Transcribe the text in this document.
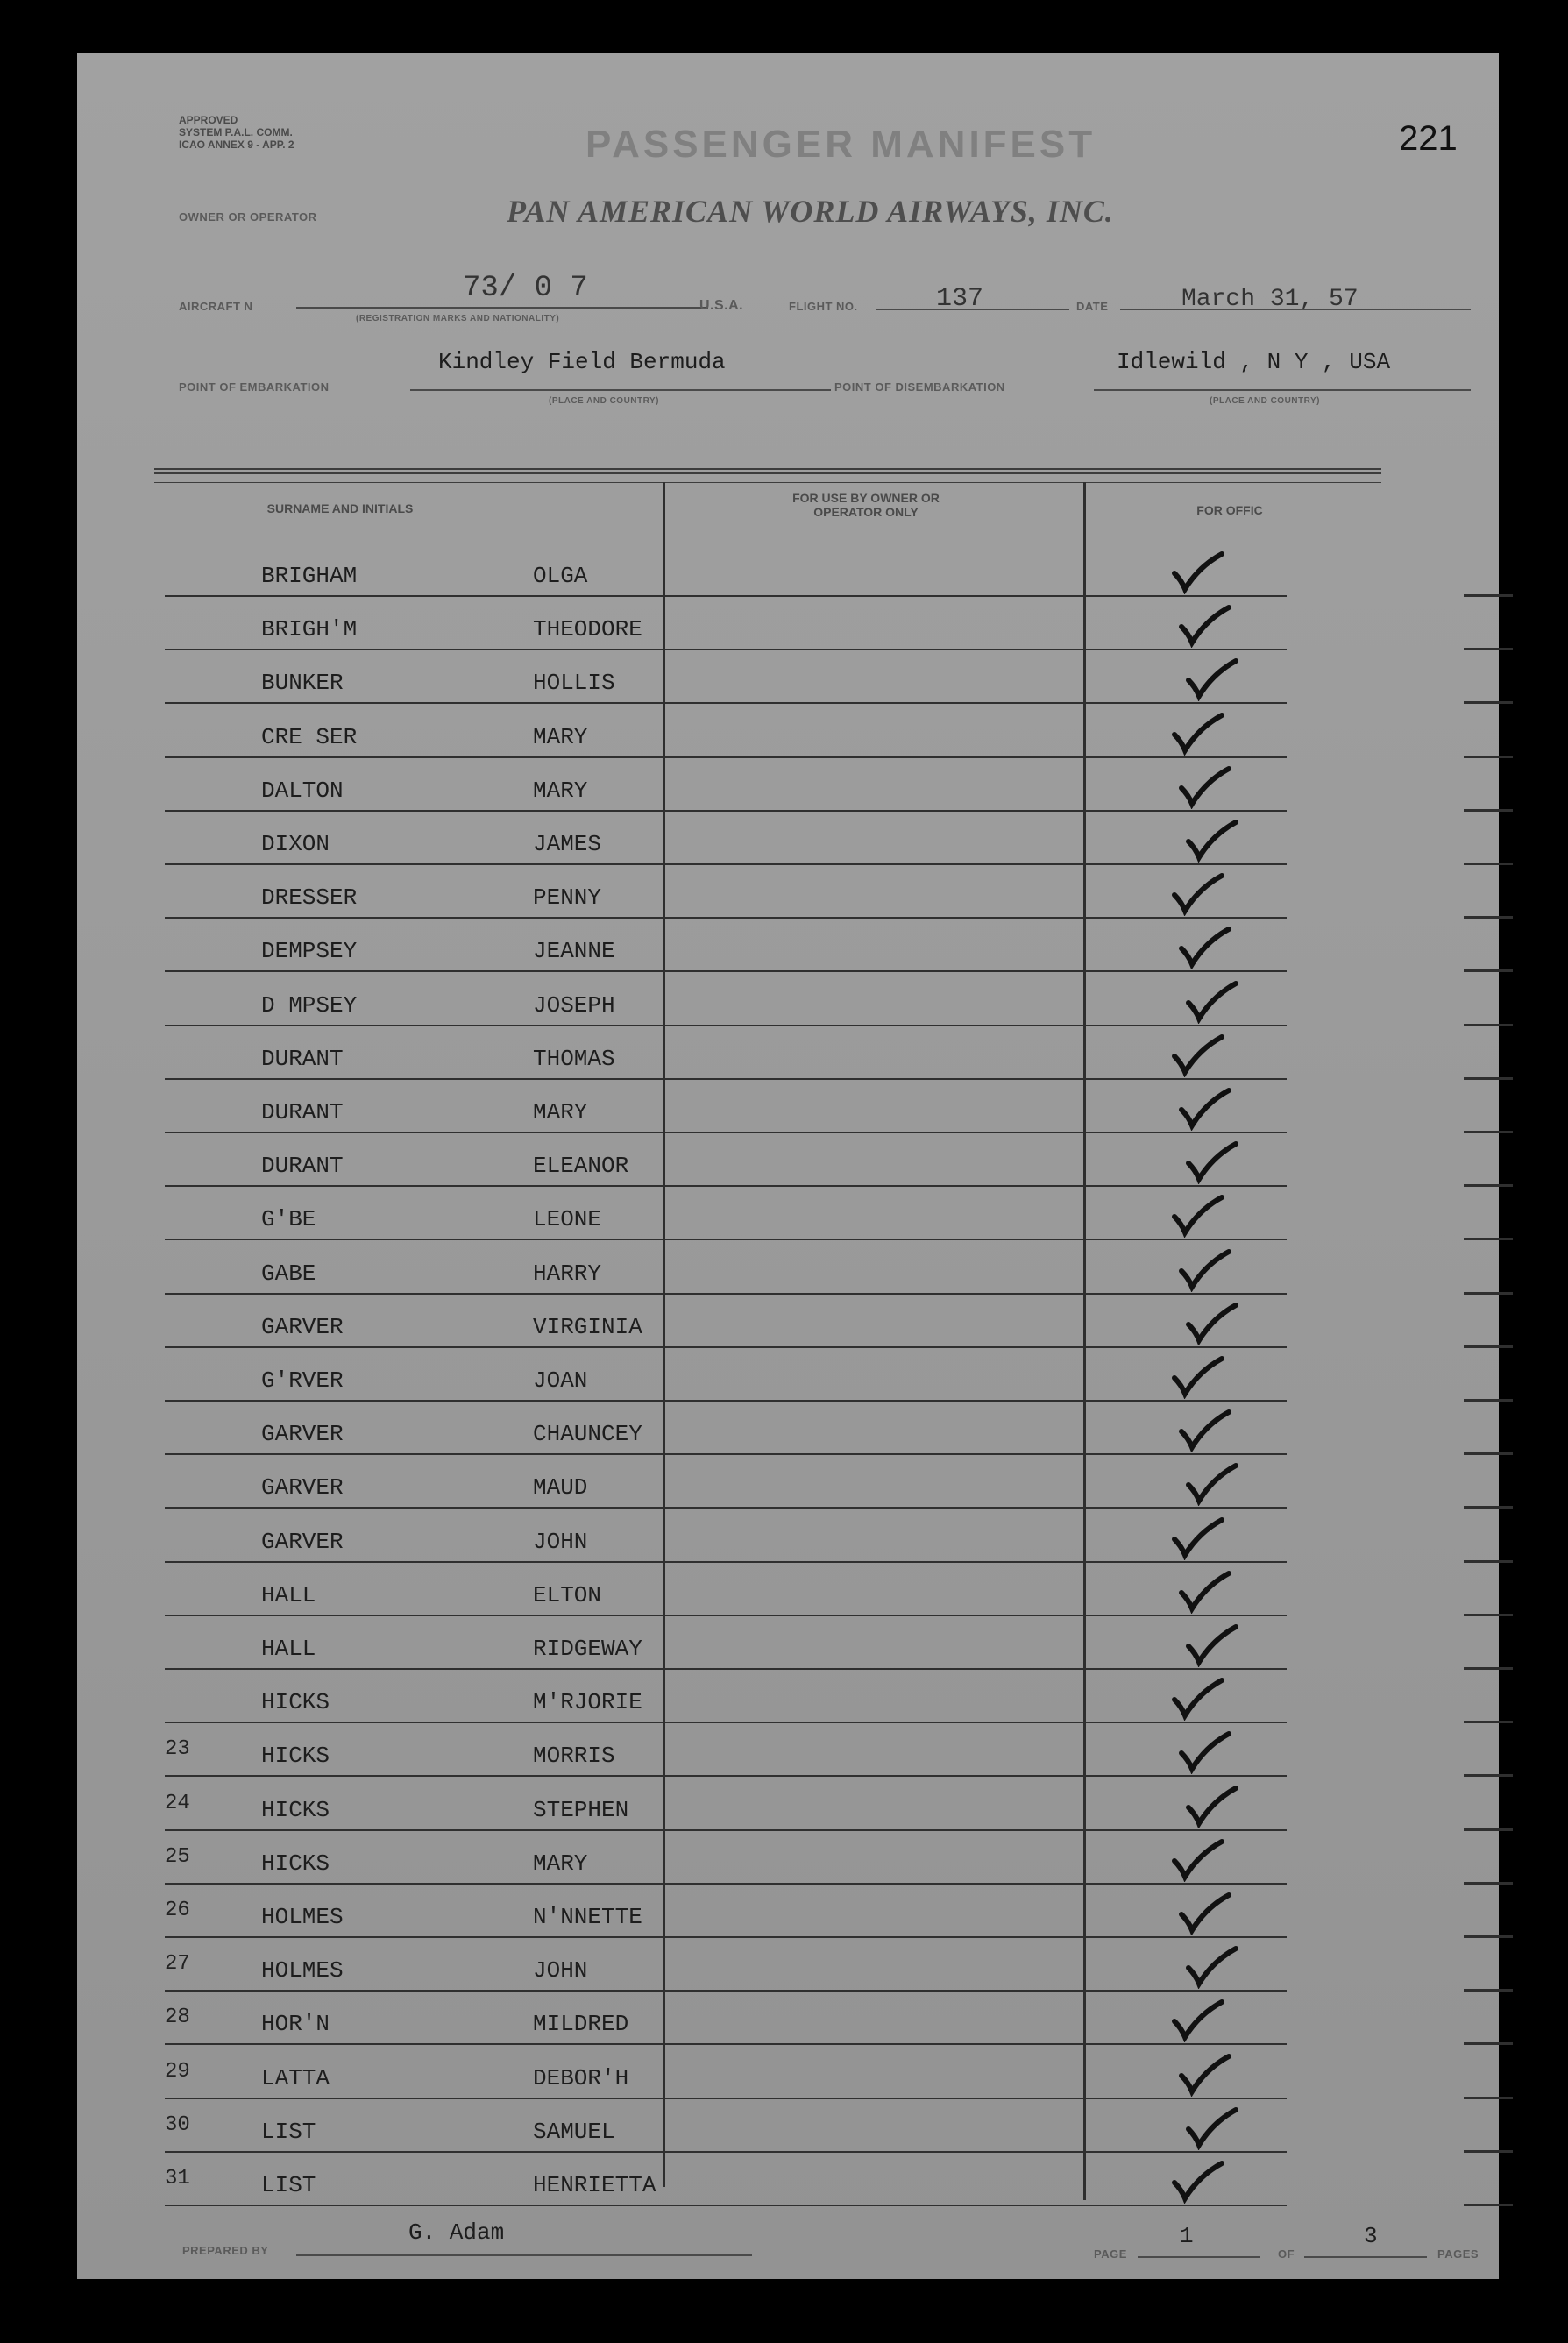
APPROVED
SYSTEM P.A.L. COMM.
ICAO ANNEX 9 - APP. 2	PASSENGER MANIFEST	221
OWNER OR OPERATOR	PAN AMERICAN WORLD AIRWAYS, INC.
AIRCRAFT N
73/ 0 7
(REGISTRATION MARKS AND NATIONALITY)
U.S.A.	FLIGHT NO.	137	DATE	March 31, 57
POINT OF EMBARKATION
Kindley Field Bermuda
(PLACE AND COUNTRY)
POINT OF DISEMBARKATION
Idlewild , N Y , USA
(PLACE AND COUNTRY)
SURNAME AND INITIALS
FOR USE BY OWNER OR OPERATOR ONLY	FOR OFFIC
BRIGHAM	OLGA
BRIGH'M	THEODORE
BUNKER	HOLLIS
CRE SER	MARY
DALTON	MARY
DIXON	JAMES
DRESSER	PENNY
DEMPSEY	JEANNE
D MPSEY	JOSEPH
DURANT	THOMAS
DURANT	MARY
DURANT	ELEANOR
G'BE	LEONE
GABE	HARRY
GARVER	VIRGINIA
G'RVER	JOAN
GARVER	CHAUNCEY
GARVER	MAUD
GARVER	JOHN
HALL	ELTON
HALL	RIDGEWAY
HICKS	M'RJORIE
23	HICKS	MORRIS
24	HICKS	STEPHEN
25	HICKS	MARY
26	HOLMES	N'NNETTE
27	HOLMES	JOHN
28	HOR'N	MILDRED
29	LATTA	DEBOR'H
30	LIST	SAMUEL
31	LIST	HENRIETTA
PREPARED BY
G. Adam
PAGE
1
OF
3
PAGES
